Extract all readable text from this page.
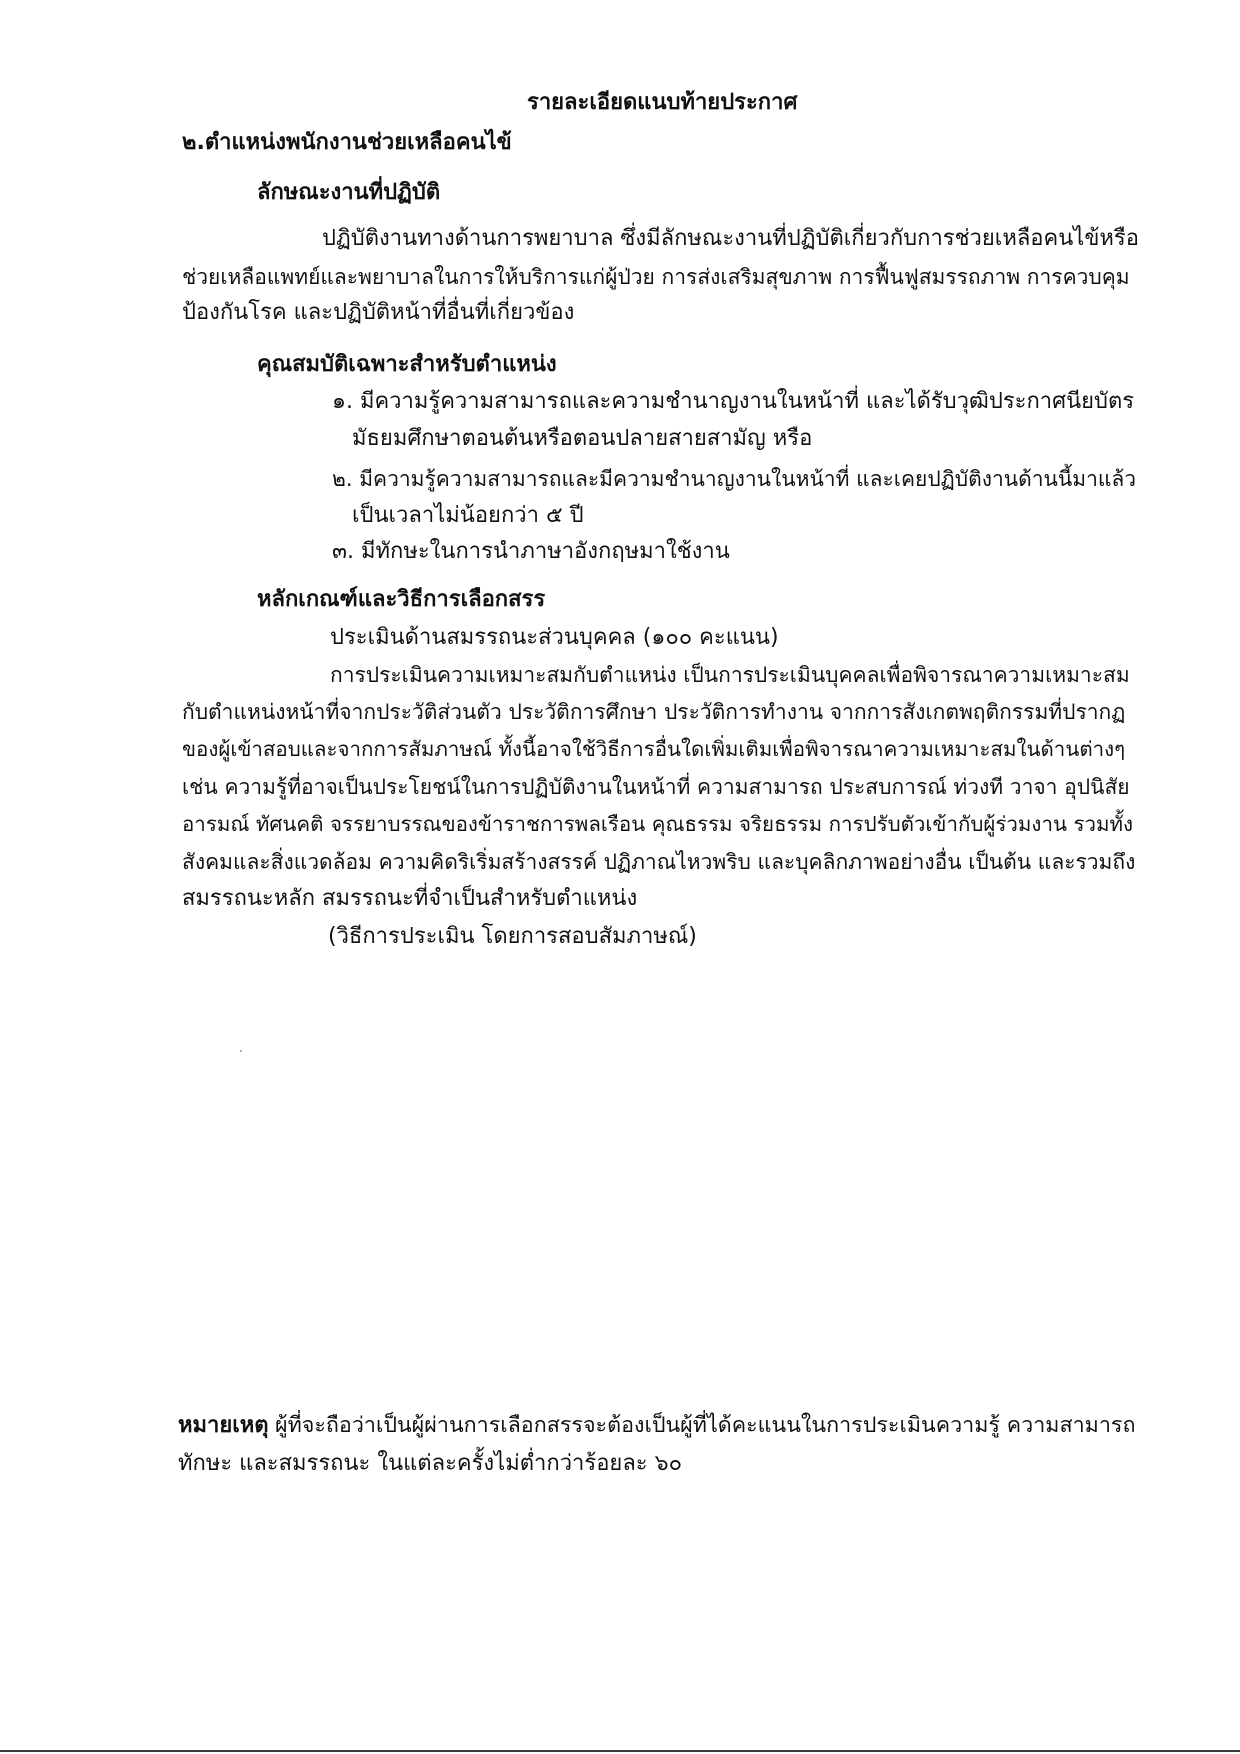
รายละเอียดแนบท้ายประกาศ
๒.ตำแหน่งพนักงานช่วยเหลือคนไข้
ลักษณะงานที่ปฏิบัติ
ปฏิบัติงานทางด้านการพยาบาล ซึ่งมีลักษณะงานที่ปฏิบัติเกี่ยวกับการช่วยเหลือคนไข้หรือ
ช่วยเหลือแพทย์และพยาบาลในการให้บริการแก่ผู้ป่วย การส่งเสริมสุขภาพ การฟื้นฟูสมรรถภาพ การควบคุม
ป้องกันโรค และปฏิบัติหน้าที่อื่นที่เกี่ยวข้อง
คุณสมบัติเฉพาะสำหรับตำแหน่ง
๑. มีความรู้ความสามารถและความชำนาญงานในหน้าที่ และได้รับวุฒิประกาศนียบัตร
มัธยมศึกษาตอนต้นหรือตอนปลายสายสามัญ หรือ
๒. มีความรู้ความสามารถและมีความชำนาญงานในหน้าที่ และเคยปฏิบัติงานด้านนี้มาแล้ว
เป็นเวลาไม่น้อยกว่า ๕ ปี
๓. มีทักษะในการนำภาษาอังกฤษมาใช้งาน
หลักเกณฑ์และวิธีการเลือกสรร
ประเมินด้านสมรรถนะส่วนบุคคล (๑๐๐ คะแนน)
การประเมินความเหมาะสมกับตำแหน่ง เป็นการประเมินบุคคลเพื่อพิจารณาความเหมาะสม
กับตำแหน่งหน้าที่จากประวัติส่วนตัว ประวัติการศึกษา ประวัติการทำงาน จากการสังเกตพฤติกรรมที่ปรากฏ
ของผู้เข้าสอบและจากการสัมภาษณ์ ทั้งนี้อาจใช้วิธีการอื่นใดเพิ่มเติมเพื่อพิจารณาความเหมาะสมในด้านต่างๆ
เช่น ความรู้ที่อาจเป็นประโยชน์ในการปฏิบัติงานในหน้าที่ ความสามารถ ประสบการณ์ ท่วงที วาจา อุปนิสัย
อารมณ์ ทัศนคติ จรรยาบรรณของข้าราชการพลเรือน คุณธรรม จริยธรรม การปรับตัวเข้ากับผู้ร่วมงาน รวมทั้ง
สังคมและสิ่งแวดล้อม ความคิดริเริ่มสร้างสรรค์ ปฏิภาณไหวพริบ และบุคลิกภาพอย่างอื่น เป็นต้น และรวมถึง
สมรรถนะหลัก สมรรถนะที่จำเป็นสำหรับตำแหน่ง
(วิธีการประเมิน โดยการสอบสัมภาษณ์)
หมายเหตุ ผู้ที่จะถือว่าเป็นผู้ผ่านการเลือกสรรจะต้องเป็นผู้ที่ได้คะแนนในการประเมินความรู้ ความสามารถ
ทักษะ และสมรรถนะ ในแต่ละครั้งไม่ต่ำกว่าร้อยละ ๖๐
